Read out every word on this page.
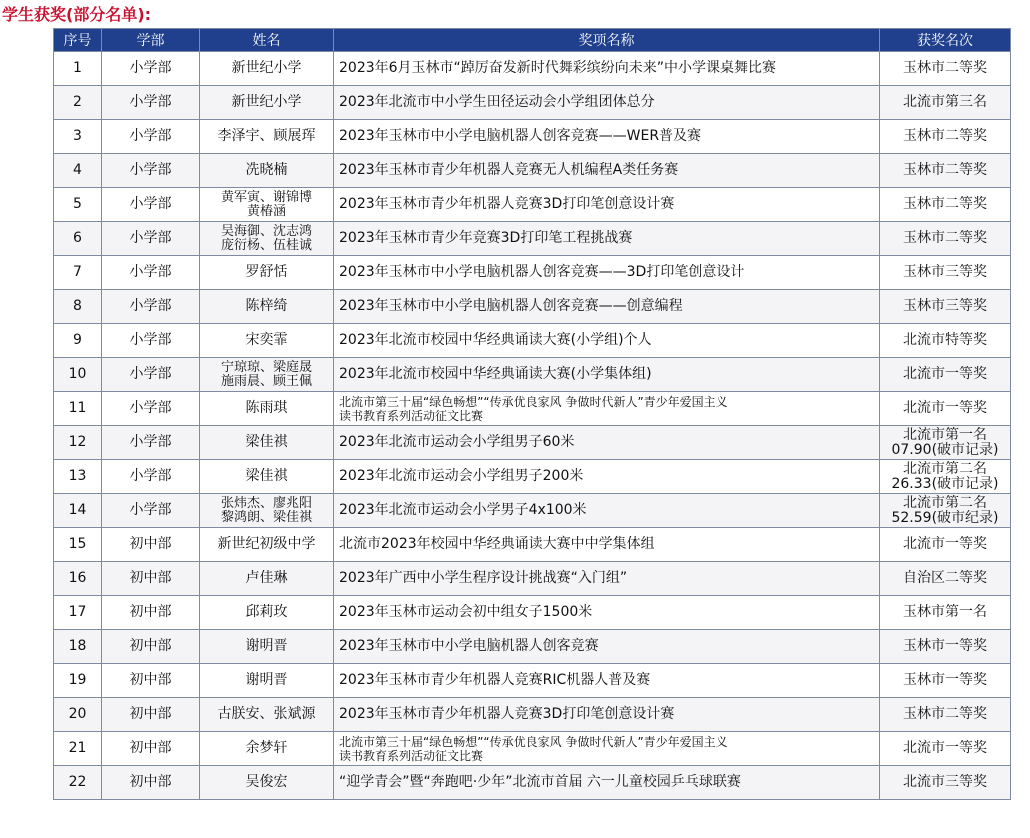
学生获奖(部分名单):
序号	学部	姓名	奖项名称	获奖名次
1	小学部	新世纪小学	2023年6月玉林市“踔厉奋发新时代舞彩缤纷向未来”中小学课桌舞比赛	玉林市二等奖
2	小学部	新世纪小学	2023年北流市中小学生田径运动会小学组团体总分	北流市第三名
3	小学部	李泽宇、顾展珲	2023年玉林市中小学电脑机器人创客竞赛——WER普及赛	玉林市二等奖
4	小学部	冼晓楠	2023年玉林市青少年机器人竞赛无人机编程A类任务赛	玉林市二等奖
5	小学部	黄军寅、谢锦博
黄椿涵	2023年玉林市青少年机器人竞赛3D打印笔创意设计赛	玉林市二等奖
6	小学部	吴海御、沈志鸿
庞衍杨、伍桂诚	2023年玉林市青少年竞赛3D打印笔工程挑战赛	玉林市二等奖
7	小学部	罗舒恬	2023年玉林市中小学电脑机器人创客竞赛——3D打印笔创意设计	玉林市三等奖
8	小学部	陈梓绮	2023年玉林市中小学电脑机器人创客竞赛——创意编程	玉林市三等奖
9	小学部	宋奕霏	2023年北流市校园中华经典诵读大赛(小学组)个人	北流市特等奖
10	小学部	宁琼琼、梁庭晟
施雨晨、顾王佩	2023年北流市校园中华经典诵读大赛(小学集体组)	北流市一等奖
11	小学部	陈雨琪	北流市第三十届“绿色畅想”“传承优良家风 争做时代新人”青少年爱国主义
读书教育系列活动征文比赛	北流市一等奖
12	小学部	梁佳祺	2023年北流市运动会小学组男子60米	北流市第一名
07.90(破市记录)
13	小学部	梁佳祺	2023年北流市运动会小学组男子200米	北流市第二名
26.33(破市记录)
14	小学部	张炜杰、廖兆阳
黎鸿朗、梁佳祺	2023年北流市运动会小学男子4x100米	北流市第二名
52.59(破市纪录)
15	初中部	新世纪初级中学	北流市2023年校园中华经典诵读大赛中中学集体组	北流市一等奖
16	初中部	卢佳琳	2023年广西中小学生程序设计挑战赛“入门组”	自治区二等奖
17	初中部	邱莉玫	2023年玉林市运动会初中组女子1500米	玉林市第一名
18	初中部	谢明晋	2023年玉林市中小学电脑机器人创客竞赛	玉林市一等奖
19	初中部	谢明晋	2023年玉林市青少年机器人竞赛RIC机器人普及赛	玉林市一等奖
20	初中部	古朕安、张斌源	2023年玉林市青少年机器人竞赛3D打印笔创意设计赛	玉林市二等奖
21	初中部	余梦轩	北流市第三十届“绿色畅想”“传承优良家风 争做时代新人”青少年爱国主义
读书教育系列活动征文比赛	北流市一等奖
22	初中部	吴俊宏	“迎学青会”暨“奔跑吧·少年”北流市首届 六一儿童校园乒乓球联赛	北流市三等奖
